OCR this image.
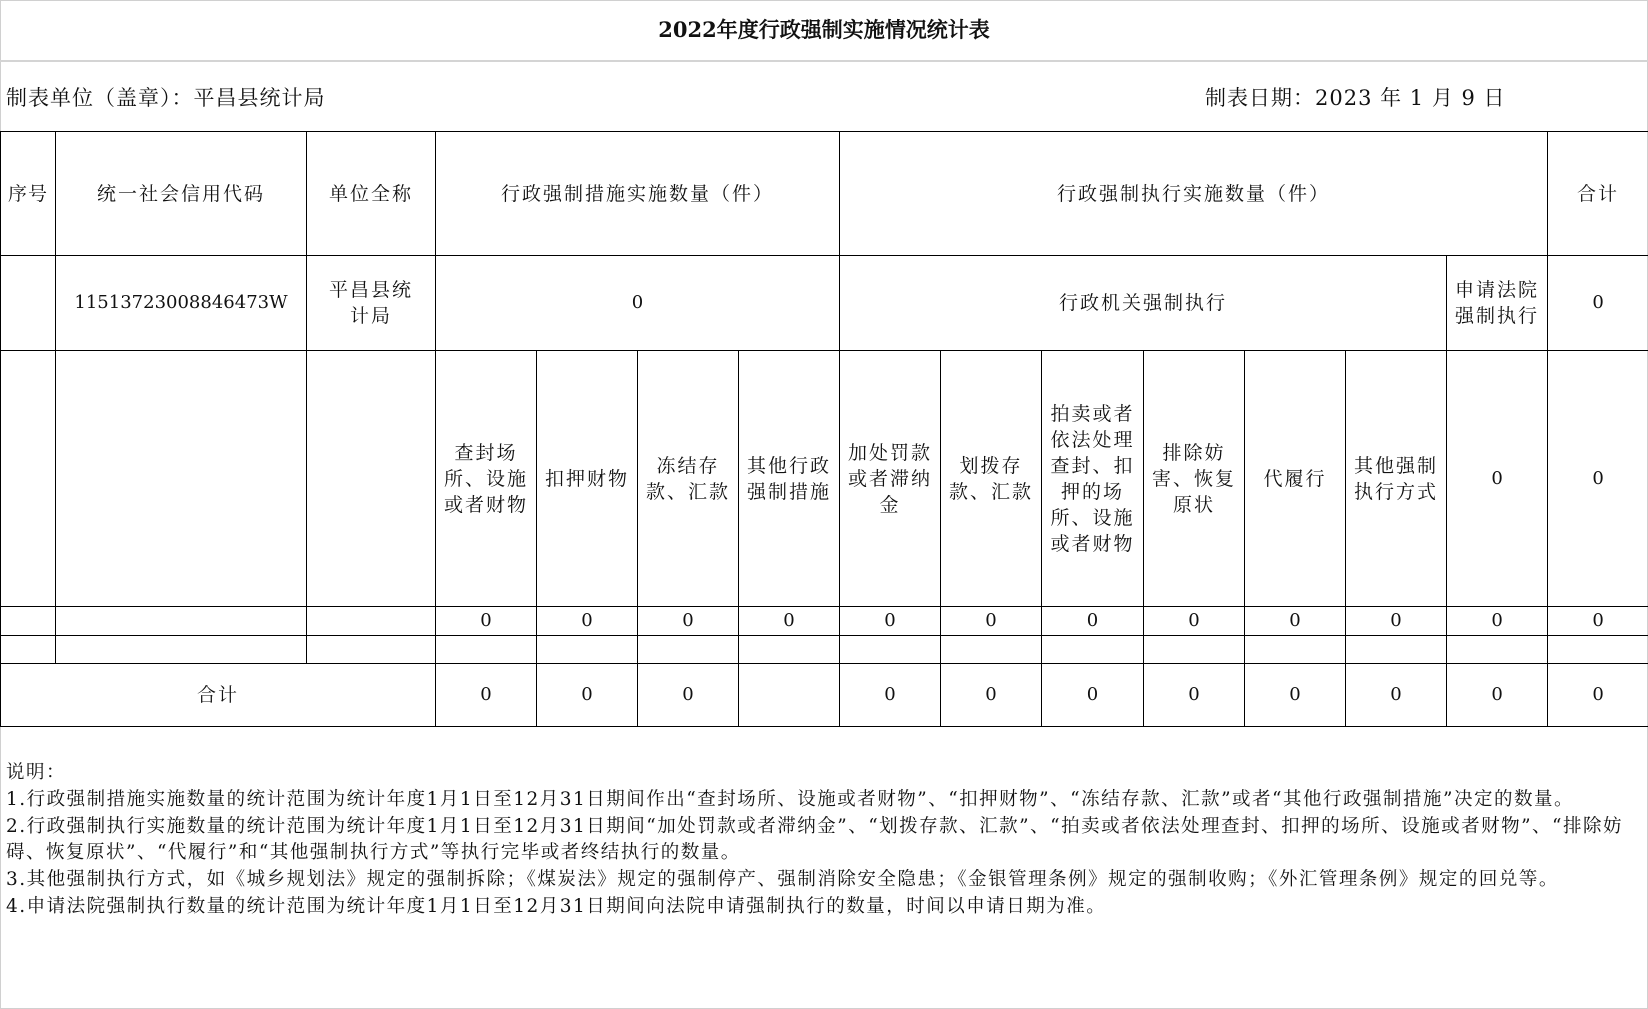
2022年度行政强制实施情况统计表
制表单位（盖章）：平昌县统计局	制表日期：2023 年 1 月 9 日
序号	统一社会信用代码	单位全称	行政强制措施实施数量（件）				行政强制执行实施数量（件）							合计
	11513723008846473W	平昌县统计局	0				行政机关强制执行						申请法院强制执行	0
			查封场所、设施或者财物	扣押财物	冻结存款、汇款	其他行政强制措施	加处罚款或者滞纳金	划拨存款、汇款	拍卖或者依法处理查封、扣押的场所、设施或者财物	排除妨害、恢复原状	代履行	其他强制执行方式	0	0
			0	0	0	0	0	0	0	0	0	0	0	0

合计			0	0	0		0	0	0	0	0	0	0	0
说明：
1.行政强制措施实施数量的统计范围为统计年度1月1日至12月31日期间作出“查封场所、设施或者财物”、“扣押财物”、“冻结存款、汇款”或者“其他行政强制措施”决定的数量。
2.行政强制执行实施数量的统计范围为统计年度1月1日至12月31日期间“加处罚款或者滞纳金”、“划拨存款、汇款”、“拍卖或者依法处理查封、扣押的场所、设施或者财物”、“排除妨碍、恢复原状”、“代履行”和“其他强制执行方式”等执行完毕或者终结执行的数量。
3.其他强制执行方式，如《城乡规划法》规定的强制拆除；《煤炭法》规定的强制停产、强制消除安全隐患；《金银管理条例》规定的强制收购；《外汇管理条例》规定的回兑等。
4.申请法院强制执行数量的统计范围为统计年度1月1日至12月31日期间向法院申请强制执行的数量，时间以申请日期为准。
